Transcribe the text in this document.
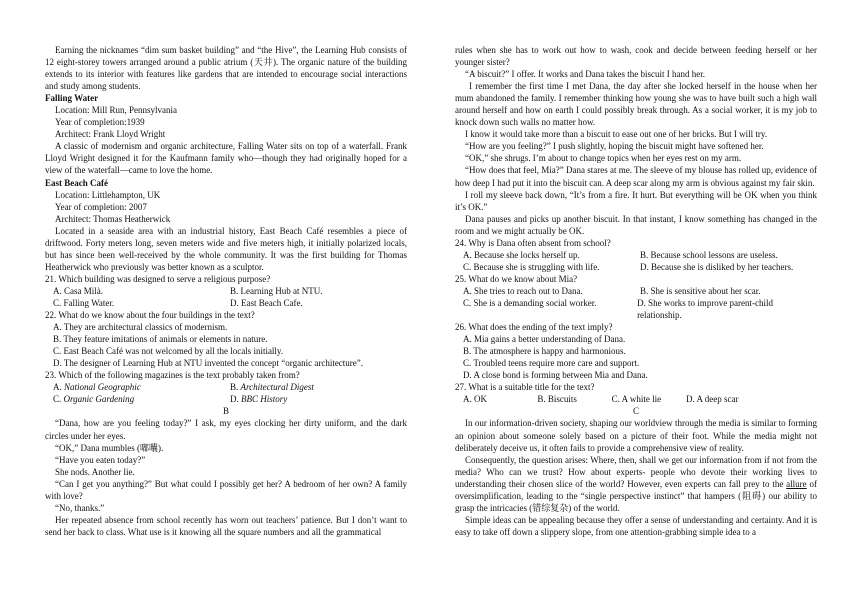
Earning the nicknames “dim sum basket building” and “the Hive”, the Learning Hub consists of 12 eight-storey towers arranged around a public atrium (天井). The organic nature of the building extends to its interior with features like gardens that are intended to encourage social interactions and study among students.

Falling Water

Location: Mill Run, Pennsylvania

Year of completion:1939

Architect: Frank Lloyd Wright

A classic of modernism and organic architecture, Falling Water sits on top of a waterfall. Frank Lloyd Wright designed it for the Kaufmann family who—though they had originally hoped for a view of the waterfall—came to love the home.

East Beach Café

Location: Littlehampton, UK

Year of completion: 2007

Architect: Thomas Heatherwick

Located in a seaside area with an industrial history, East Beach Café resembles a piece of driftwood. Forty meters long, seven meters wide and five meters high, it initially polarized locals, but has since been well-received by the whole community. It was the first building for Thomas Heatherwick who previously was better known as a sculptor.

21. Which building was designed to serve a religious purpose?

A. Casa Milà.	B. Learning Hub at NTU.
C. Falling Water.	D. East Beach Cafe.

22. What do we know about the four buildings in the text?

A. They are architectural classics of modernism.

B. They feature imitations of animals or elements in nature.

C. East Beach Café was not welcomed by all the locals initially.

D. The designer of Learning Hub at NTU invented the concept “organic architecture”.

23. Which of the following magazines is the text probably taken from?

A. National Geographic	B. Architectural Digest
C. Organic Gardening	D. BBC History

B

“Dana, how are you feeling today?” I ask, my eyes clocking her dirty uniform, and the dark circles under her eyes.

“OK,” Dana mumbles (嘟囔).

“Have you eaten today?”

She nods. Another lie.

“Can I get you anything?” But what could I possibly get her? A bedroom of her own? A family with love?

“No, thanks.”

Her repeated absence from school recently has worn out teachers’ patience. But I don’t want to send her back to class. What use is it knowing all the square numbers and all the grammatical

rules when she has to work out how to wash, cook and decide between feeding herself or her younger sister?

“A biscuit?” I offer. It works and Dana takes the biscuit I hand her.

I remember the first time I met Dana, the day after she locked herself in the house when her mum abandoned the family. I remember thinking how young she was to have built such a high wall around herself and how on earth I could possibly break through. As a social worker, it is my job to knock down such walls no matter how.

I know it would take more than a biscuit to ease out one of her bricks. But I will try.

“How are you feeling?” I push slightly, hoping the biscuit might have softened her.

“OK,” she shrugs. I’m about to change topics when her eyes rest on my arm.

“How does that feel, Mia?” Dana stares at me. The sleeve of my blouse has rolled up, evidence of how deep I had put it into the biscuit can. A deep scar along my arm is obvious against my fair skin.

I roll my sleeve back down, “It’s from a fire. It hurt. But everything will be OK when you think it’s OK.”

Dana pauses and picks up another biscuit. In that instant, I know something has changed in the room and we might actually be OK.

24. Why is Dana often absent from school?

A. Because she locks herself up.	B. Because school lessons are useless.
C. Because she is struggling with life.	D. Because she is disliked by her teachers.

25. What do we know about Mia?

A. She tries to reach out to Dana.	B. She is sensitive about her scar.
C. She is a demanding social worker.	D. She works to improve parent-child relationship.

26. What does the ending of the text imply?

A. Mia gains a better understanding of Dana.

B. The atmosphere is happy and harmonious.

C. Troubled teens require more care and support.

D. A close bond is forming between Mia and Dana.

27. What is a suitable title for the text?

A. OK	B. Biscuits	C. A white lie	D. A deep scar

C

In our information-driven society, shaping our worldview through the media is similar to forming an opinion about someone solely based on a picture of their foot. While the media might not deliberately deceive us, it often fails to provide a comprehensive view of reality.

Consequently, the question arises: Where, then, shall we get our information from if not from the media? Who can we trust? How about experts- people who devote their working lives to understanding their chosen slice of the world? However, even experts can fall prey to the allure of oversimplification, leading to the “single perspective instinct” that hampers (阻碍) our ability to grasp the intricacies (错综复杂) of the world.

Simple ideas can be appealing because they offer a sense of understanding and certainty. And it is easy to take off down a slippery slope, from one attention-grabbing simple idea to a
